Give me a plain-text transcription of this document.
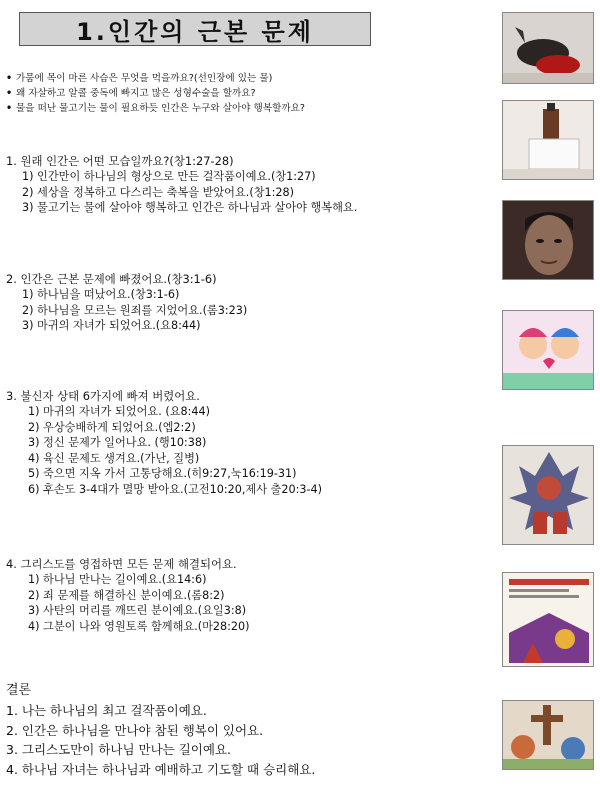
1.인간의 근본 문제
• 가뭄에 목이 마른 사슴은 무엇을 먹을까요?(선인장에 있는 물)
• 왜 자살하고 알콜 중독에 빠지고 많은 성형수술을 할까요?
• 물을 떠난 물고기는 물이 필요하듯 인간은 누구와 살아야 행복할까요?
1. 원래 인간은 어떤 모습일까요?(창1:27-28)
1) 인간만이 하나님의 형상으로 만든 걸작품이예요.(창1:27)
2) 세상을 정복하고 다스리는 축복을 받았어요.(창1:28)
3) 물고기는 물에 살아야 행복하고 인간은 하나님과 살아야 행복해요.
2. 인간은 근본 문제에 빠졌어요.(창3:1-6)
1) 하나님을 떠났어요.(창3:1-6)
2) 하나님을 모르는 원죄를 지었어요.(롬3:23)
3) 마귀의 자녀가 되었어요.(요8:44)
3. 불신자 상태 6가지에 빠져 버렸어요.
1) 마귀의 자녀가 되었어요. (요8:44)
2) 우상숭배하게 되었어요.(엡2:2)
3) 정신 문제가 일어나요. (행10:38)
4) 육신 문제도 생겨요.(가난, 질병)
5) 죽으면 지옥 가서 고통당해요.(히9:27,눅16:19-31)
6) 후손도 3-4대가 멸망 받아요.(고전10:20,제사 출20:3-4)
4. 그리스도를 영접하면 모든 문제 해결되어요.
1) 하나님 만나는 길이예요.(요14:6)
2) 죄 문제를 해결하신 분이예요.(롬8:2)
3) 사탄의 머리를 깨뜨린 분이예요.(요일3:8)
4) 그분이 나와 영원토록 함께해요.(마28:20)
결론
1. 나는 하나님의 최고 걸작품이예요.
2. 인간은 하나님을 만나야 참된 행복이 있어요.
3. 그리스도만이 하나님 만나는 길이예요.
4. 하나님 자녀는 하나님과 예배하고 기도할 때 승리해요.
